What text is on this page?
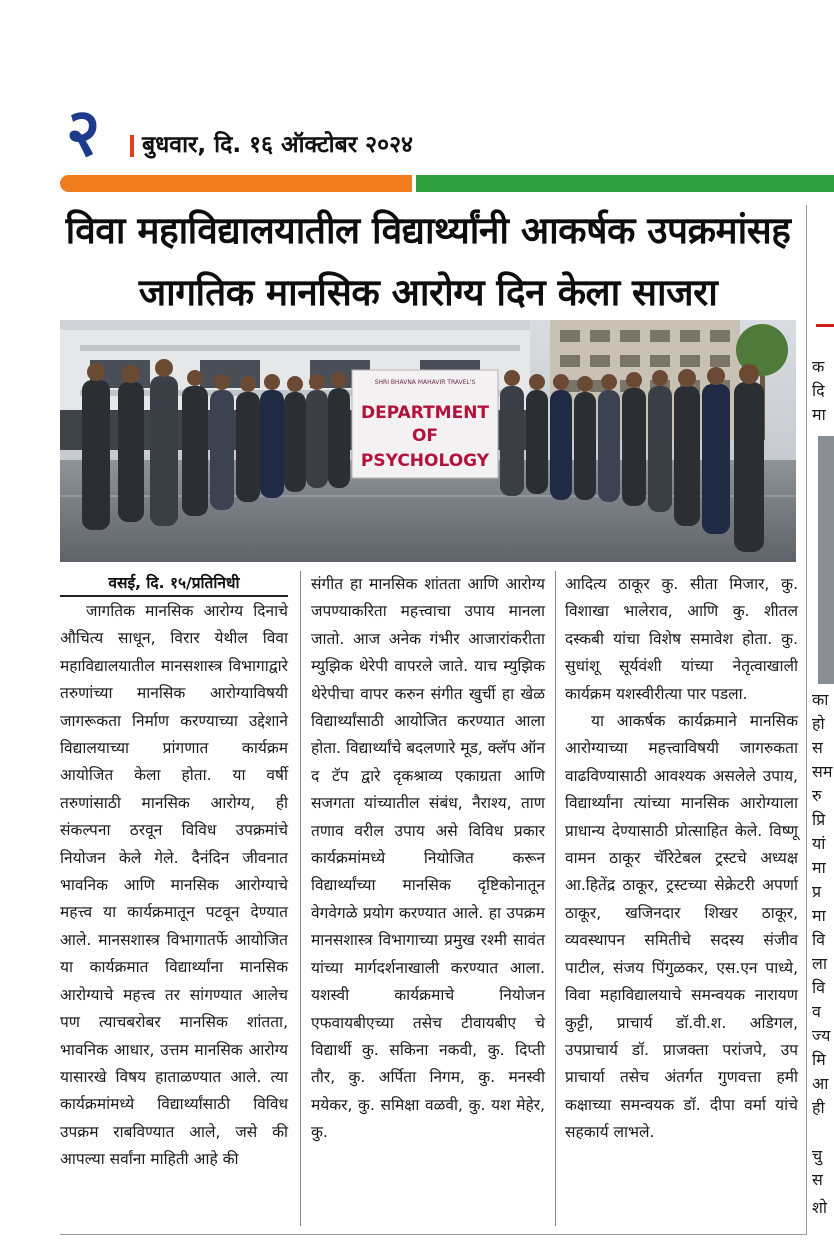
२ बुधवार, दि. १६ ऑक्टोबर २०२४
विवा महाविद्यालयातील विद्यार्थ्यांनी आकर्षक उपक्रमांसह
जागतिक मानसिक आरोग्य दिन केला साजरा
SHRI BHAVNA MAHAVIR TRAVEL'S
DEPARTMENT
OF
PSYCHOLOGY
क
दि
मा
का
हो
स
सम
रु
प्रि
यां
मा
प्र
मा
वि
ला
वि
व
ज्य
मि
आ
ही
चु
स
शो
वसई, दि. १५/प्रतिनिधी

जागतिक मानसिक आरोग्य दिनाचे औचित्य साधून, विरार येथील विवा महाविद्यालयातील मानसशास्त्र विभागाद्वारे तरुणांच्या मानसिक आरोग्याविषयी जागरूकता निर्माण करण्याच्या उद्देशाने विद्यालयाच्या प्रांगणात कार्यक्रम आयोजित केला होता. या वर्षी तरुणांसाठी मानसिक आरोग्य, ही संकल्पना ठरवून विविध उपक्रमांचे नियोजन केले गेले. दैनंदिन जीवनात भावनिक आणि मानसिक आरोग्याचे महत्त्व या कार्यक्रमातून पटवून देण्यात आले. मानसशास्त्र विभागातर्फे आयोजित या कार्यक्रमात विद्यार्थ्यांना मानसिक आरोग्याचे महत्त्व तर सांगण्यात आलेच पण त्याचबरोबर मानसिक शांतता, भावनिक आधार, उत्तम मानसिक आरोग्य यासारखे विषय हाताळण्यात आले. त्या कार्यक्रमांमध्ये विद्यार्थ्यांसाठी विविध उपक्रम राबविण्यात आले, जसे की आपल्या सर्वांना माहिती आहे की

संगीत हा मानसिक शांतता आणि आरोग्य जपण्याकरिता महत्त्वाचा उपाय मानला जातो. आज अनेक गंभीर आजारांकरीता म्युझिक थेरेपी वापरले जाते. याच म्युझिक थेरेपीचा वापर करुन संगीत खुर्ची हा खेळ विद्यार्थ्यांसाठी आयोजित करण्यात आला होता. विद्यार्थ्यांचे बदलणारे मूड, क्लॅप ऑन द टॅप द्वारे दृकश्राव्य एकाग्रता आणि सजगता यांच्यातील संबंध, नैराश्य, ताण तणाव वरील उपाय असे विविध प्रकार कार्यक्रमांमध्ये नियोजित करून विद्यार्थ्यांच्या मानसिक दृष्टिकोनातून वेगवेगळे प्रयोग करण्यात आले. हा उपक्रम मानसशास्त्र विभागाच्या प्रमुख रश्मी सावंत यांच्या मार्गदर्शनाखाली करण्यात आला. यशस्वी कार्यक्रमाचे नियोजन एफवायबीएच्या तसेच टीवायबीए चे विद्यार्थी कु. सकिना नकवी, कु. दिप्ती तौर, कु. अर्पिता निगम, कु. मनस्वी मयेकर, कु. समिक्षा वळवी, कु. यश मेहेर, कु.

आदित्य ठाकूर कु. सीता मिजार, कु. विशाखा भालेराव, आणि कु. शीतल दस्कबी यांचा विशेष समावेश होता. कु. सुधांशू सूर्यवंशी यांच्या नेतृत्वाखाली कार्यक्रम यशस्वीरीत्या पार पडला.

या आकर्षक कार्यक्रमाने मानसिक आरोग्याच्या महत्त्वाविषयी जागरुकता वाढविण्यासाठी आवश्यक असलेले उपाय, विद्यार्थ्यांना त्यांच्या मानसिक आरोग्याला प्राधान्य देण्यासाठी प्रोत्साहित केले. विष्णू वामन ठाकूर चॅरिटेबल ट्रस्टचे अध्यक्ष आ.हितेंद्र ठाकूर, ट्रस्टच्या सेक्रेटरी अपर्णा ठाकूर, खजिनदार शिखर ठाकूर, व्यवस्थापन समितीचे सदस्य संजीव पाटील, संजय पिंगुळकर, एस.एन पाध्ये, विवा महाविद्यालयाचे समन्वयक नारायण कुट्टी, प्राचार्य डॉ.वी.श. अडिगल, उपप्राचार्य डॉ. प्राजक्ता परांजपे, उप प्राचार्या तसेच अंतर्गत गुणवत्ता हमी कक्षाच्या समन्वयक डॉ. दीपा वर्मा यांचे सहकार्य लाभले.
